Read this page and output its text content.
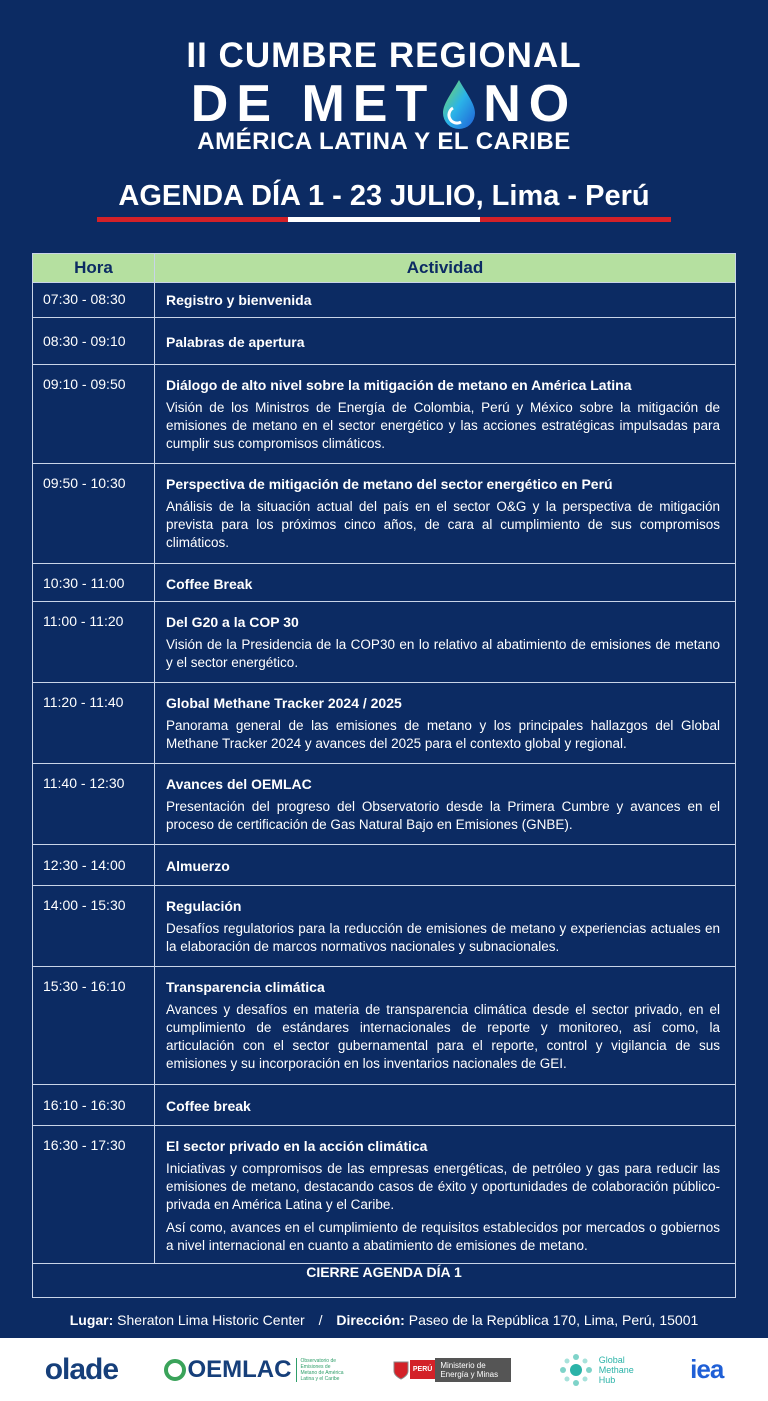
II CUMBRE REGIONAL
DE MET NO
AMÉRICA LATINA Y EL CARIBE
AGENDA DÍA 1 - 23 JULIO, Lima - Perú
Hora	Actividad
07:30 - 08:30	Registro y bienvenida

08:30 - 09:10	Palabras de apertura

09:10 - 09:50	Diálogo de alto nivel sobre la mitigación de metano en América Latina
Visión de los Ministros de Energía de Colombia, Perú y México sobre la mitigación de emisiones de metano en el sector energético y las acciones estratégicas impulsadas para cumplir sus compromisos climáticos.

09:50 - 10:30	Perspectiva de mitigación de metano del sector energético en Perú
Análisis de la situación actual del país en el sector O&G y la perspectiva de mitigación prevista para los próximos cinco años, de cara al cumplimiento de sus compromisos climáticos.

10:30 - 11:00	Coffee Break

11:00 - 11:20	Del G20 a la COP 30
Visión de la Presidencia de la COP30 en lo relativo al abatimiento de emisiones de metano y el sector energético.

11:20 - 11:40	Global Methane Tracker 2024 / 2025
Panorama general de las emisiones de metano y los principales hallazgos del Global Methane Tracker 2024 y avances del 2025 para el contexto global y regional.

11:40 - 12:30	Avances del OEMLAC
Presentación del progreso del Observatorio desde la Primera Cumbre y avances en el proceso de certificación de Gas Natural Bajo en Emisiones (GNBE).

12:30 - 14:00	Almuerzo

14:00 - 15:30	Regulación
Desafíos regulatorios para la reducción de emisiones de metano y experiencias actuales en la elaboración de marcos normativos nacionales y subnacionales.

15:30 - 16:10	Transparencia climática
Avances y desafíos en materia de transparencia climática desde el sector privado, en el cumplimiento de estándares internacionales de reporte y monitoreo, así como, la articulación con el sector gubernamental para el reporte, control y vigilancia de sus emisiones y su incorporación en los inventarios nacionales de GEI.

16:10 - 16:30	Coffee break

16:30 - 17:30	El sector privado en la acción climática
Iniciativas y compromisos de las empresas energéticas, de petróleo y gas para reducir las emisiones de metano, destacando casos de éxito y oportunidades de colaboración público-privada en América Latina y el Caribe.
Así como, avances en el cumplimiento de requisitos establecidos por mercados o gobiernos a nivel internacional en cuanto a abatimiento de emisiones de metano.

CIERRE AGENDA DÍA 1	
Lugar: Sheraton Lima Historic Center / Dirección: Paseo de la República 170, Lima, Perú, 15001
olade	OEMLAC	Observatorio de Emisiones de Metano de América Latina y el Caribe
PERÚ	Ministerio de Energía y Minas
Global Methane Hub	iea
